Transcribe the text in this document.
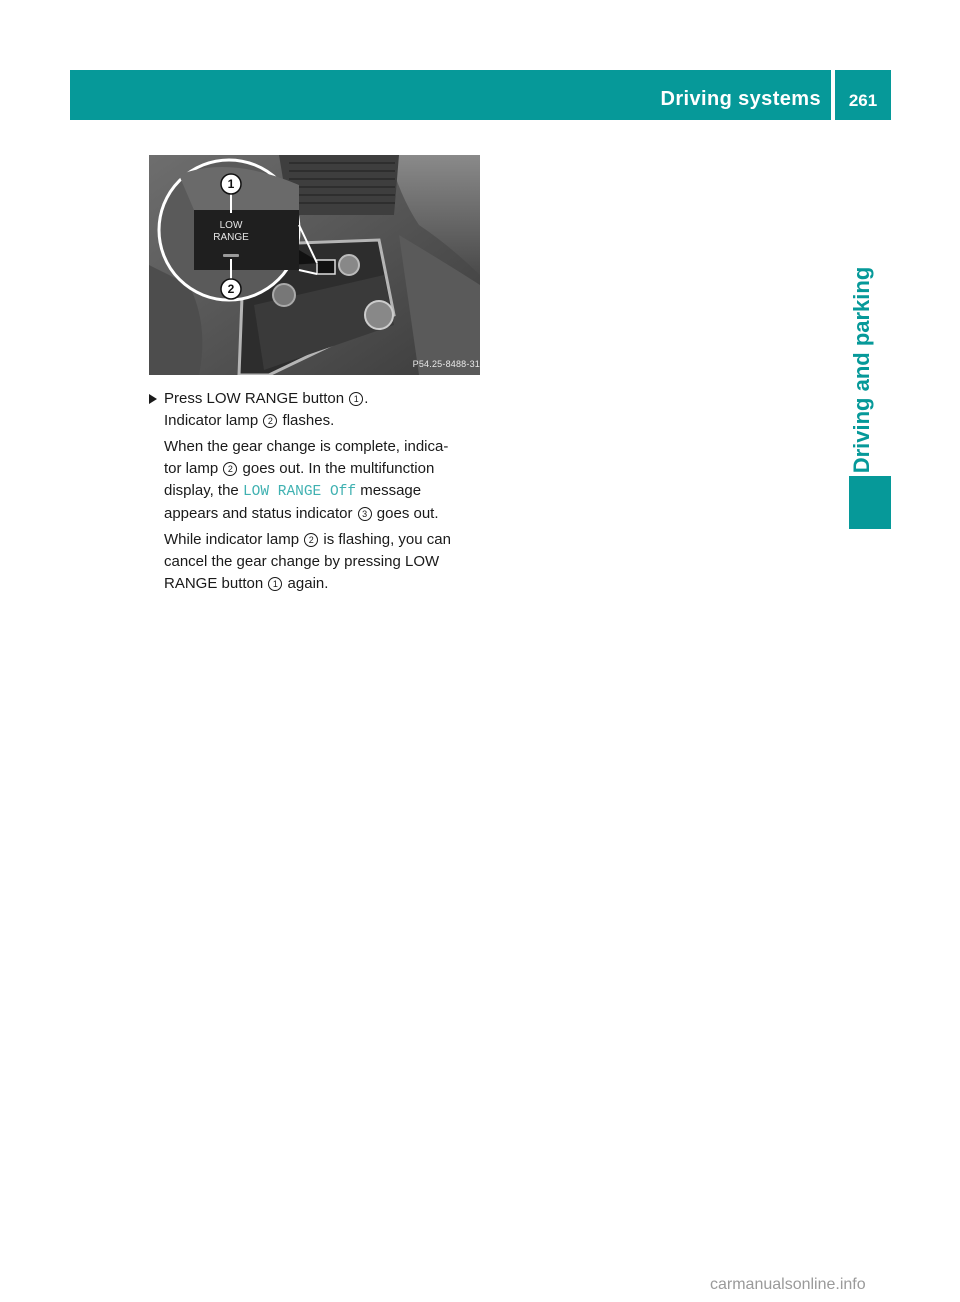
Driving systems	261
Driving and parking
1
2
LOW
RANGE
P54.25-8488-31
Press LOW RANGE button 1 .
Indicator lamp 2 flashes.
When the gear change is complete, indica-
tor lamp 2 goes out. In the multifunction
display, the LOW RANGE Off message
appears and status indicator 3 goes out.
While indicator lamp 2 is flashing, you can
cancel the gear change by pressing LOW
RANGE button 1 again.
carmanualsonline.info
